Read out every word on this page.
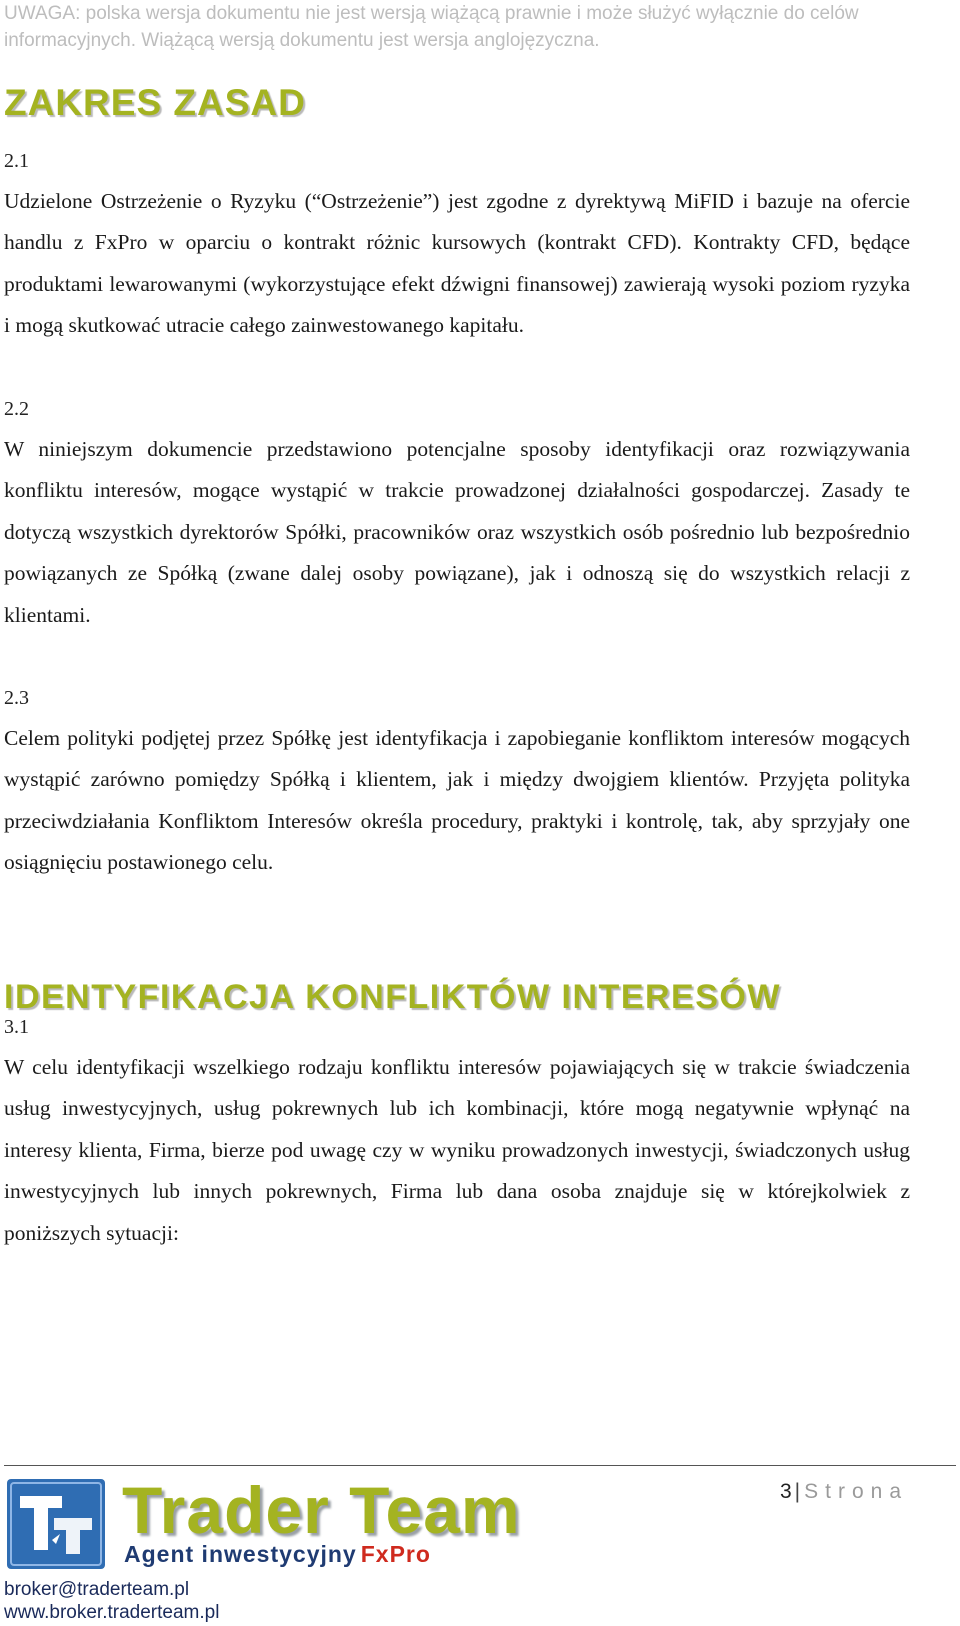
UWAGA: polska wersja dokumentu nie jest wersją wiążącą prawnie i może służyć wyłącznie do celów informacyjnych. Wiążącą wersją dokumentu jest wersja anglojęzyczna.
ZAKRES ZASAD
2.1
Udzielone Ostrzeżenie o Ryzyku (“Ostrzeżenie”) jest zgodne z dyrektywą MiFID i bazuje na ofercie handlu z FxPro w oparciu o kontrakt różnic kursowych (kontrakt CFD). Kontrakty CFD, będące produktami lewarowanymi (wykorzystujące efekt dźwigni finansowej) zawierają wysoki poziom ryzyka i mogą skutkować utracie całego zainwestowanego kapitału.
2.2
W niniejszym dokumencie przedstawiono potencjalne sposoby identyfikacji oraz rozwiązywania konfliktu interesów, mogące wystąpić w trakcie prowadzonej działalności gospodarczej. Zasady te dotyczą wszystkich dyrektorów Spółki, pracowników oraz wszystkich osób pośrednio lub bezpośrednio powiązanych ze Spółką (zwane dalej osoby powiązane), jak i odnoszą się do wszystkich relacji z klientami.
2.3
Celem polityki podjętej przez Spółkę jest identyfikacja i zapobieganie konfliktom interesów mogących wystąpić zarówno pomiędzy Spółką i klientem, jak i między dwojgiem klientów. Przyjęta polityka przeciwdziałania Konfliktom Interesów określa procedury, praktyki i kontrolę, tak, aby sprzyjały one osiągnięciu postawionego celu.
IDENTYFIKACJA KONFLIKTÓW INTERESÓW
3.1
W celu identyfikacji wszelkiego rodzaju konfliktu interesów pojawiających się w trakcie świadczenia usług inwestycyjnych, usług pokrewnych lub ich kombinacji, które mogą negatywnie wpłynąć na interesy klienta, Firma, bierze pod uwagę czy w wyniku prowadzonych inwestycji, świadczonych usług inwestycyjnych lub innych pokrewnych, Firma lub dana osoba znajduje się w którejkolwiek z poniższych sytuacji:
3 | Strona
Trader Team
Agent inwestycyjny FxPro
broker@traderteam.pl
www.broker.traderteam.pl
